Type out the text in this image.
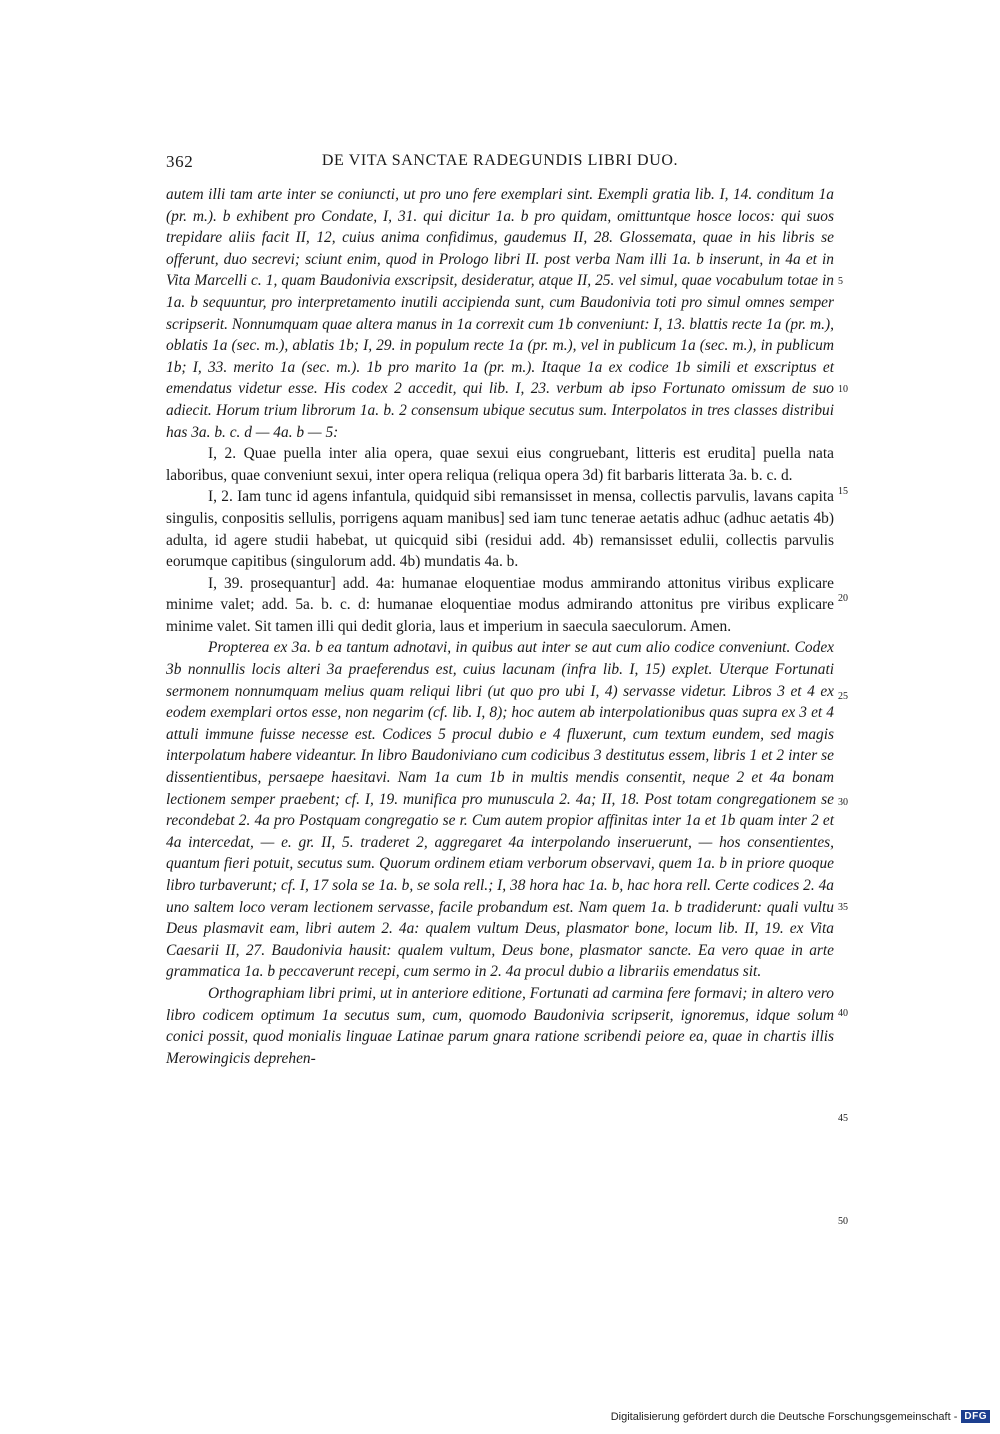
362	DE VITA SANCTAE RADEGUNDIS LIBRI DUO.

autem illi tam arte inter se coniuncti, ut pro uno fere exemplari sint. Exempli gratia lib. I, 14. conditum 1a (pr. m.). b exhibent pro Condate, I, 31. qui dicitur 1a. b pro quidam, omittuntque hosce locos: qui suos trepidare aliis facit II, 12, cuius anima confidimus, gaudemus II, 28. Glossemata, quae in his libris se offerunt, duo secrevi; sciunt enim, quod in Prologo libri II. post verba Nam illi 1a. b inserunt, in 4a et in Vita Marcelli c. 1, quam Baudonivia exscripsit, desideratur, atque II, 25. vel simul, quae vocabulum totae in 1a. b sequuntur, pro interpretamento inutili accipienda sunt, cum Baudonivia toti pro simul omnes semper scripserit. Nonnumquam quae altera manus in 1a correxit cum 1b conveniunt: I, 13. blattis recte 1a (pr. m.), oblatis 1a (sec. m.), ablatis 1b; I, 29. in populum recte 1a (pr. m.), vel in publicum 1a (sec. m.), in publicum 1b; I, 33. merito 1a (sec. m.). 1b pro marito 1a (pr. m.). Itaque 1a ex codice 1b simili et exscriptus et emendatus videtur esse. His codex 2 accedit, qui lib. I, 23. verbum ab ipso Fortunato omissum de suo adiecit. Horum trium librorum 1a. b. 2 consensum ubique secutus sum. Interpolatos in tres classes distribui has 3a. b. c. d — 4a. b — 5:

I, 2. Quae puella inter alia opera, quae sexui eius congruebant, litteris est erudita] puella nata laboribus, quae conveniunt sexui, inter opera reliqua (reliqua opera 3d) fit barbaris litterata 3a. b. c. d.

I, 2. Iam tunc id agens infantula, quidquid sibi remansisset in mensa, collectis parvulis, lavans capita singulis, conpositis sellulis, porrigens aquam manibus] sed iam tunc tenerae aetatis adhuc (adhuc aetatis 4b) adulta, id agere studii habebat, ut quicquid sibi (residui add. 4b) remansisset edulii, collectis parvulis eorumque capitibus (singulorum add. 4b) mundatis 4a. b.

I, 39. prosequantur] add. 4a: humanae eloquentiae modus ammirando attonitus viribus explicare minime valet; add. 5a. b. c. d: humanae eloquentiae modus admirando attonitus pre viribus explicare minime valet. Sit tamen illi qui dedit gloria, laus et imperium in saecula saeculorum. Amen.

Propterea ex 3a. b ea tantum adnotavi, in quibus aut inter se aut cum alio codice conveniunt. Codex 3b nonnullis locis alteri 3a praeferendus est, cuius lacunam (infra lib. I, 15) explet. Uterque Fortunati sermonem nonnumquam melius quam reliqui libri (ut quo pro ubi I, 4) servasse videtur. Libros 3 et 4 ex eodem exemplari ortos esse, non negarim (cf. lib. I, 8); hoc autem ab interpolationibus quas supra ex 3 et 4 attuli immune fuisse necesse est. Codices 5 procul dubio e 4 fluxerunt, cum textum eundem, sed magis interpolatum habere videantur. In libro Baudoniviano cum codicibus 3 destitutus essem, libris 1 et 2 inter se dissentientibus, persaepe haesitavi. Nam 1a cum 1b in multis mendis consentit, neque 2 et 4a bonam lectionem semper praebent; cf. I, 19. munifica pro munuscula 2. 4a; II, 18. Post totam congregationem se recondebat 2. 4a pro Postquam congregatio se r. Cum autem propior affinitas inter 1a et 1b quam inter 2 et 4a intercedat, — e. gr. II, 5. traderet 2, aggregaret 4a interpolando inseruerunt, — hos consentientes, quantum fieri potuit, secutus sum. Quorum ordinem etiam verborum observavi, quem 1a. b in priore quoque libro turbaverunt; cf. I, 17 sola se 1a. b, se sola rell.; I, 38 hora hac 1a. b, hac hora rell. Certe codices 2. 4a uno saltem loco veram lectionem servasse, facile probandum est. Nam quem 1a. b tradiderunt: quali vultu Deus plasmavit eam, libri autem 2. 4a: qualem vultum Deus, plasmator bone, locum lib. II, 19. ex Vita Caesarii II, 27. Baudonivia hausit: qualem vultum, Deus bone, plasmator sancte. Ea vero quae in arte grammatica 1a. b peccaverunt recepi, cum sermo in 2. 4a procul dubio a librariis emendatus sit.

Orthographiam libri primi, ut in anteriore editione, Fortunati ad carmina fere formavi; in altero vero libro codicem optimum 1a secutus sum, cum, quomodo Baudonivia scripserit, ignoremus, idque solum conici possit, quod monialis linguae Latinae parum gnara ratione scribendi peiore ea, quae in chartis illis Merowingicis deprehen-

5
10
15
20
25
30
35
40
45
50
Digitalisierung gefördert durch die Deutsche Forschungsgemeinschaft - DFG
